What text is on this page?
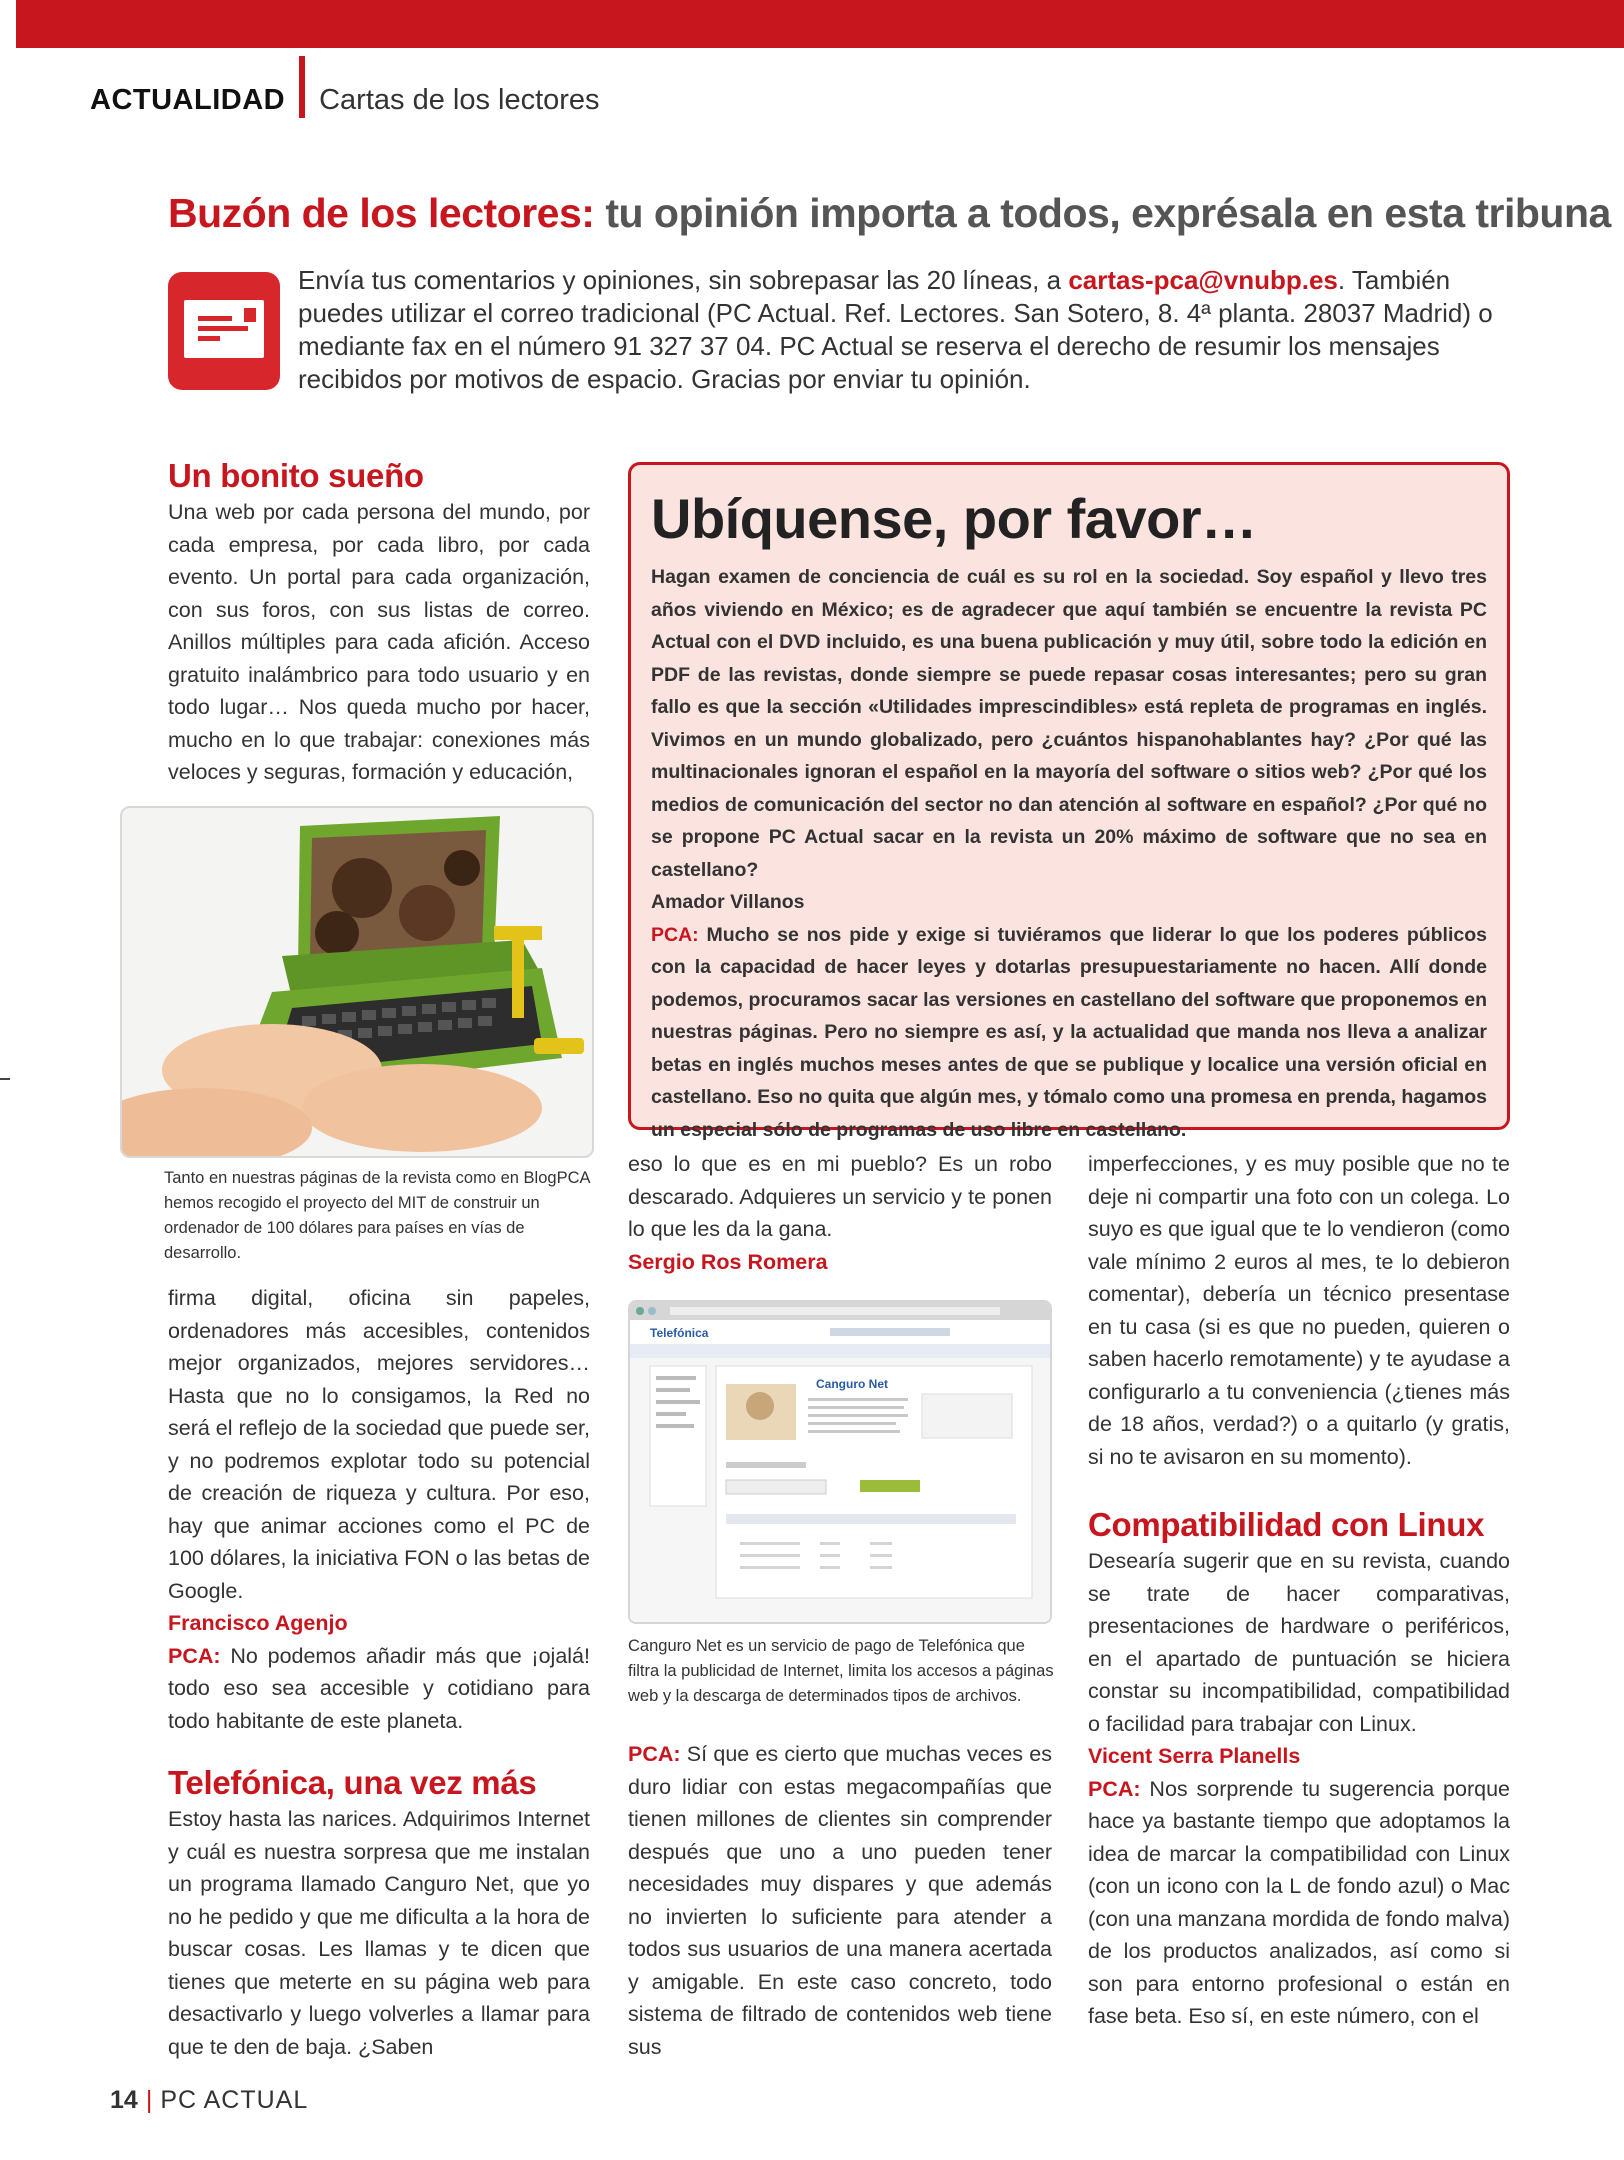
ACTUALIDAD Cartas de los lectores
Buzón de los lectores: tu opinión importa a todos, exprésala en esta tribuna

Envía tus comentarios y opiniones, sin sobrepasar las 20 líneas, a cartas-pca@vnubp.es. También puedes utilizar el correo tradicional (PC Actual. Ref. Lectores. San Sotero, 8. 4ª planta. 28037 Madrid) o mediante fax en el número 91 327 37 04. PC Actual se reserva el derecho de resumir los mensajes recibidos por motivos de espacio. Gracias por enviar tu opinión.

Un bonito sueño

Una web por cada persona del mundo, por cada empresa, por cada libro, por cada evento. Un portal para cada organización, con sus foros, con sus listas de correo. Anillos múltiples para cada afición. Acceso gratuito inalámbrico para todo usuario y en todo lugar… Nos queda mucho por hacer, mucho en lo que trabajar: conexiones más veloces y seguras, formación y educación,

Tanto en nuestras páginas de la revista como en BlogPCA hemos recogido el proyecto del MIT de construir un ordenador de 100 dólares para países en vías de desarrollo.

firma digital, oficina sin papeles, ordenadores más accesibles, contenidos mejor organizados, mejores servidores… Hasta que no lo consigamos, la Red no será el reflejo de la sociedad que puede ser, y no podremos explotar todo su potencial de creación de riqueza y cultura. Por eso, hay que animar acciones como el PC de 100 dólares, la iniciativa FON o las betas de Google.

Francisco Agenjo

PCA: No podemos añadir más que ¡ojalá! todo eso sea accesible y cotidiano para todo habitante de este planeta.

Telefónica, una vez más

Estoy hasta las narices. Adquirimos Internet y cuál es nuestra sorpresa que me instalan un programa llamado Canguro Net, que yo no he pedido y que me dificulta a la hora de buscar cosas. Les llamas y te dicen que tienes que meterte en su página web para desactivarlo y luego volverles a llamar para que te den de baja. ¿Saben

Ubíquense, por favor…

Hagan examen de conciencia de cuál es su rol en la sociedad. Soy español y llevo tres años viviendo en México; es de agradecer que aquí también se encuentre la revista PC Actual con el DVD incluido, es una buena publicación y muy útil, sobre todo la edición en PDF de las revistas, donde siempre se puede repasar cosas interesantes; pero su gran fallo es que la sección «Utilidades imprescindibles» está repleta de programas en inglés. Vivimos en un mundo globalizado, pero ¿cuántos hispanohablantes hay? ¿Por qué las multinacionales ignoran el español en la mayoría del software o sitios web? ¿Por qué los medios de comunicación del sector no dan atención al software en español? ¿Por qué no se propone PC Actual sacar en la revista un 20% máximo de software que no sea en castellano?

Amador Villanos

PCA: Mucho se nos pide y exige si tuviéramos que liderar lo que los poderes públicos con la capacidad de hacer leyes y dotarlas presupuestariamente no hacen. Allí donde podemos, procuramos sacar las versiones en castellano del software que proponemos en nuestras páginas. Pero no siempre es así, y la actualidad que manda nos lleva a analizar betas en inglés muchos meses antes de que se publique y localice una versión oficial en castellano. Eso no quita que algún mes, y tómalo como una promesa en prenda, hagamos un especial sólo de programas de uso libre en castellano.

eso lo que es en mi pueblo? Es un robo descarado. Adquieres un servicio y te ponen lo que les da la gana.

Sergio Ros Romera

Telefónica
Canguro Net

Canguro Net es un servicio de pago de Telefónica que filtra la publicidad de Internet, limita los accesos a páginas web y la descarga de determinados tipos de archivos.

PCA: Sí que es cierto que muchas veces es duro lidiar con estas megacompañías que tienen millones de clientes sin comprender después que uno a uno pueden tener necesidades muy dispares y que además no invierten lo suficiente para atender a todos sus usuarios de una manera acertada y amigable. En este caso concreto, todo sistema de filtrado de contenidos web tiene sus

imperfecciones, y es muy posible que no te deje ni compartir una foto con un colega. Lo suyo es que igual que te lo vendieron (como vale mínimo 2 euros al mes, te lo debieron comentar), debería un técnico presentase en tu casa (si es que no pueden, quieren o saben hacerlo remotamente) y te ayudase a configurarlo a tu conveniencia (¿tienes más de 18 años, verdad?) o a quitarlo (y gratis, si no te avisaron en su momento).

Compatibilidad con Linux

Desearía sugerir que en su revista, cuando se trate de hacer comparativas, presentaciones de hardware o periféricos, en el apartado de puntuación se hiciera constar su incompatibilidad, compatibilidad o facilidad para trabajar con Linux.

Vicent Serra Planells

PCA: Nos sorprende tu sugerencia porque hace ya bastante tiempo que adoptamos la idea de marcar la compatibilidad con Linux (con un icono con la L de fondo azul) o Mac (con una manzana mordida de fondo malva) de los productos analizados, así como si son para entorno profesional o están en fase beta. Eso sí, en este número, con el

14 | PC ACTUAL
